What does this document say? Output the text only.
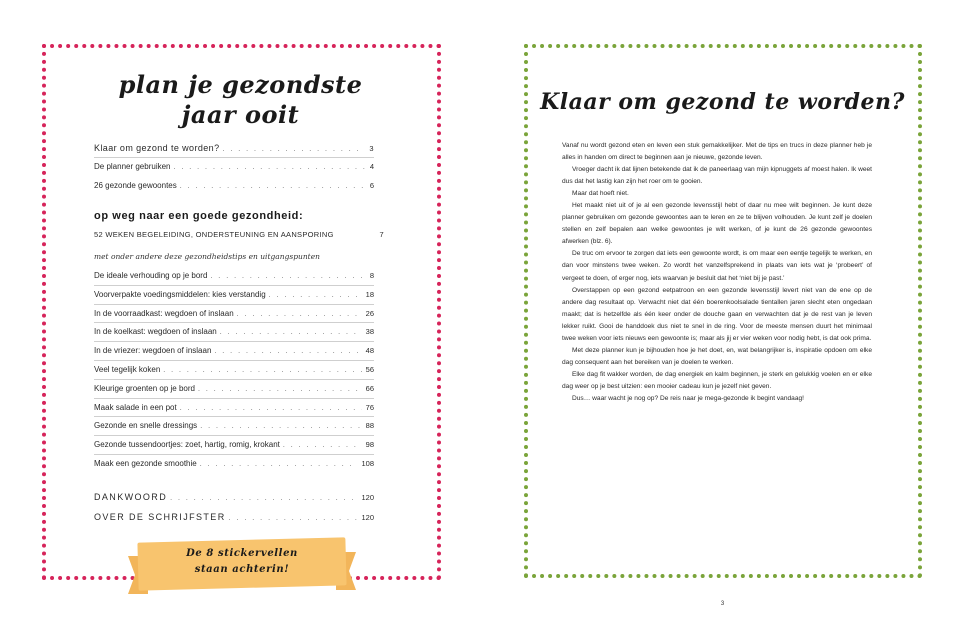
plan je gezondste
jaar ooit
Klaar om gezond te worden? . . .	3
De planner gebruiken . . .	4
26 gezonde gewoontes . . .	6
op weg naar een goede gezondheid:
52 WEKEN BEGELEIDING, ONDERSTEUNING EN AANSPORING	7
met onder andere deze gezondheidstips en uitgangspunten
De ideale verhouding op je bord . . .	8
Voorverpakte voedingsmiddelen: kies verstandig . . .	18
In de voorraadkast: wegdoen of inslaan . . .	26
In de koelkast: wegdoen of inslaan . . .	38
In de vriezer: wegdoen of inslaan . . .	48
Veel tegelijk koken . . .	56
Kleurige groenten op je bord . . .	66
Maak salade in een pot . . .	76
Gezonde en snelle dressings . . .	88
Gezonde tussendoortjes: zoet, hartig, romig, krokant . . .	98
Maak een gezonde smoothie . . .	108
DANKWOORD . . .	120
OVER DE SCHRIJFSTER . . .	120
De 8 stickervellen
staan achterin!
Klaar om gezond te worden?

Vanaf nu wordt gezond eten en leven een stuk gemakkelijker. Met de tips en trucs in deze planner heb je alles in handen om direct te beginnen aan je nieuwe, gezonde leven.

Vroeger dacht ik dat lijnen betekende dat ik de paneerlaag van mijn kipnuggets af moest halen. Ik weet dus dat het lastig kan zijn het roer om te gooien.

Maar dat hoeft niet.

Het maakt niet uit of je al een gezonde levensstijl hebt of daar nu mee wilt beginnen. Je kunt deze planner gebruiken om gezonde gewoontes aan te leren en ze te blijven volhouden. Je kunt zelf je doelen stellen en zelf bepalen aan welke gewoontes je wilt werken, of je kunt de 26 gezonde gewoontes afwerken (blz. 6).

De truc om ervoor te zorgen dat iets een gewoonte wordt, is om maar een eentje tegelijk te werken, en dan voor minstens twee weken. Zo wordt het vanzelfsprekend in plaats van iets wat je ‘probeert’ of vergeet te doen, of erger nog, iets waarvan je besluit dat het ‘niet bij je past.’

Overstappen op een gezond eetpatroon en een gezonde levensstijl levert niet van de ene op de andere dag resultaat op. Verwacht niet dat één boerenkoolsalade tientallen jaren slecht eten ongedaan maakt; dat is hetzelfde als één keer onder de douche gaan en verwachten dat je de rest van je leven lekker ruikt. Gooi de handdoek dus niet te snel in de ring. Voor de meeste mensen duurt het minimaal twee weken voor iets nieuws een gewoonte is; maar als jij er vier weken voor nodig hebt, is dat ook prima.

Met deze planner kun je bijhouden hoe je het doet, en, wat belangrijker is, inspiratie opdoen om elke dag consequent aan het bereiken van je doelen te werken.

Elke dag fit wakker worden, de dag energiek en kalm beginnen, je sterk en gelukkig voelen en er elke dag weer op je best uitzien: een mooier cadeau kun je jezelf niet geven.

Dus… waar wacht je nog op? De reis naar je mega-gezonde ik begint vandaag!

3
